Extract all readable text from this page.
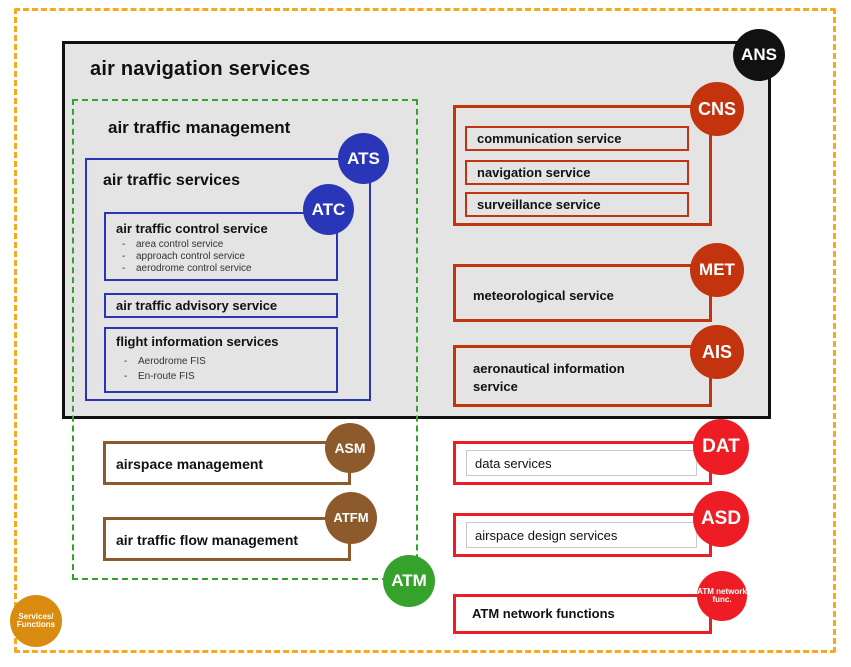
air navigation services
air traffic management
air traffic services
air traffic control service
- area control service
- approach control service
- aerodrome control service
air traffic advisory service
flight information services
- Aerodrome FIS
- En-route FIS
communication service
navigation service
surveillance service
meteorological service
aeronautical information service
airspace management
air traffic flow management
data services
airspace design services
ATM network functions
ANS
CNS
MET
AIS
ATS
ATC
ASM
ATFM
ATM
DAT
ASD
ATM network func.
Services/ Functions
